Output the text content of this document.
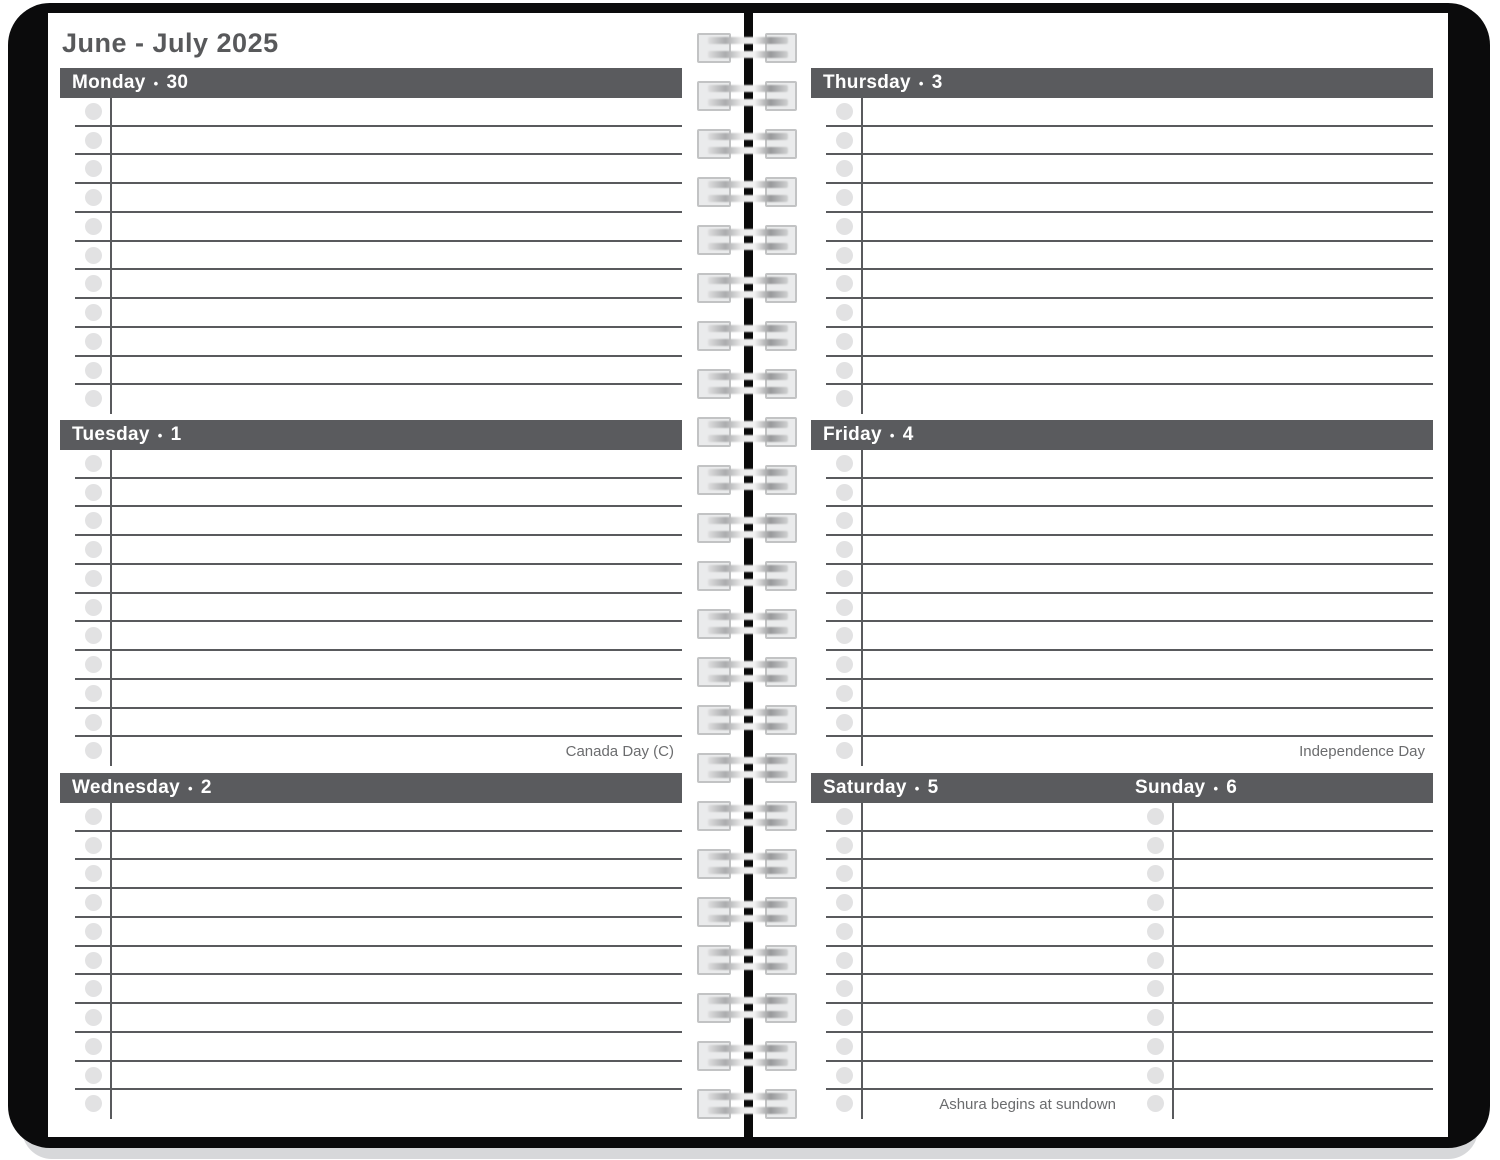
June - July 2025
Monday • 30
Tuesday • 1
Canada Day (C)
Wednesday • 2
Thursday • 3
Friday • 4
Independence Day
Saturday • 5	Sunday • 6
Ashura begins at sundown
